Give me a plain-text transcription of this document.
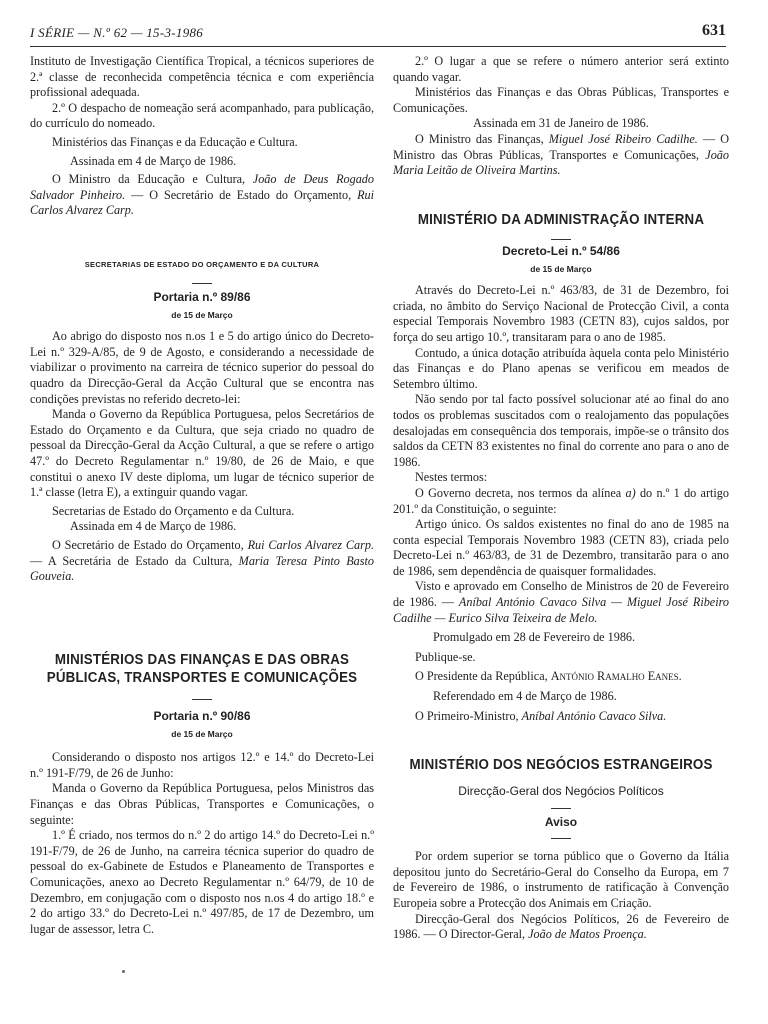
I SÉRIE — N.º 62 — 15-3-1986	631

Instituto de Investigação Científica Tropical, a técnicos superiores de 2.ª classe de reconhecida competência técnica e com experiência profissional adequada.

2.º O despacho de nomeação será acompanhado, para publicação, do currículo do nomeado.

Ministérios das Finanças e da Educação e Cultura.

Assinada em 4 de Março de 1986.

O Ministro da Educação e Cultura, João de Deus Rogado Salvador Pinheiro. — O Secretário de Estado do Orçamento, Rui Carlos Alvarez Carp.

SECRETARIAS DE ESTADO DO ORÇAMENTO E DA CULTURA
Portaria n.º 89/86
de 15 de Março

Ao abrigo do disposto nos n.os 1 e 5 do artigo único do Decreto-Lei n.º 329-A/85, de 9 de Agosto, e considerando a necessidade de viabilizar o provimento na carreira de técnico superior do pessoal do quadro da Direcção-Geral da Acção Cultural que se encontra nas condições previstas no referido decreto-lei:

Manda o Governo da República Portuguesa, pelos Secretários de Estado do Orçamento e da Cultura, que seja criado no quadro de pessoal da Direcção-Geral da Acção Cultural, a que se refere o artigo 47.º do Decreto Regulamentar n.º 19/80, de 26 de Maio, e que constitui o anexo IV deste diploma, um lugar de técnico superior de 1.ª classe (letra E), a extinguir quando vagar.

Secretarias de Estado do Orçamento e da Cultura.

Assinada em 4 de Março de 1986.

O Secretário de Estado do Orçamento, Rui Carlos Alvarez Carp. — A Secretária de Estado da Cultura, Maria Teresa Pinto Basto Gouveia.

MINISTÉRIOS DAS FINANÇAS E DAS OBRAS PÚBLICAS, TRANSPORTES E COMUNICAÇÕES
Portaria n.º 90/86
de 15 de Março

Considerando o disposto nos artigos 12.º e 14.º do Decreto-Lei n.º 191-F/79, de 26 de Junho:

Manda o Governo da República Portuguesa, pelos Ministros das Finanças e das Obras Públicas, Transportes e Comunicações, o seguinte:

1.º É criado, nos termos do n.º 2 do artigo 14.º do Decreto-Lei n.º 191-F/79, de 26 de Junho, na carreira técnica superior do quadro de pessoal do ex-Gabinete de Estudos e Planeamento de Transportes e Comunicações, anexo ao Decreto Regulamentar n.º 64/79, de 10 de Dezembro, em conjugação com o disposto nos n.os 4 do artigo 18.º e 2 do artigo 33.º do Decreto-Lei n.º 497/85, de 17 de Dezembro, um lugar de assessor, letra C.

2.º O lugar a que se refere o número anterior será extinto quando vagar.

Ministérios das Finanças e das Obras Públicas, Transportes e Comunicações.

Assinada em 31 de Janeiro de 1986.

O Ministro das Finanças, Miguel José Ribeiro Cadilhe. — O Ministro das Obras Públicas, Transportes e Comunicações, João Maria Leitão de Oliveira Martins.

MINISTÉRIO DA ADMINISTRAÇÃO INTERNA
Decreto-Lei n.º 54/86
de 15 de Março

Através do Decreto-Lei n.º 463/83, de 31 de Dezembro, foi criada, no âmbito do Serviço Nacional de Protecção Civil, a conta especial Temporais Novembro 1983 (CETN 83), cujos saldos, por força do seu artigo 10.º, transitaram para o ano de 1985.

Contudo, a única dotação atribuída àquela conta pelo Ministério das Finanças e do Plano apenas se verificou em meados de Setembro último.

Não sendo por tal facto possível solucionar até ao final do ano todos os problemas suscitados com o realojamento das populações desalojadas em consequência dos temporais, impõe-se o trânsito dos saldos da CETN 83 existentes no final do corrente ano para o ano de 1986.

Nestes termos:

O Governo decreta, nos termos da alínea a) do n.º 1 do artigo 201.º da Constituição, o seguinte:

Artigo único. Os saldos existentes no final do ano de 1985 na conta especial Temporais Novembro 1983 (CETN 83), criada pelo Decreto-Lei n.º 463/83, de 31 de Dezembro, transitarão para o ano de 1986, sem dependência de quaisquer formalidades.

Visto e aprovado em Conselho de Ministros de 20 de Fevereiro de 1986. — Aníbal António Cavaco Silva — Miguel José Ribeiro Cadilhe — Eurico Silva Teixeira de Melo.

Promulgado em 28 de Fevereiro de 1986.

Publique-se.

O Presidente da República, António Ramalho Eanes.

Referendado em 4 de Março de 1986.

O Primeiro-Ministro, Aníbal António Cavaco Silva.

MINISTÉRIO DOS NEGÓCIOS ESTRANGEIROS
Direcção-Geral dos Negócios Políticos
Aviso

Por ordem superior se torna público que o Governo da Itália depositou junto do Secretário-Geral do Conselho da Europa, em 7 de Fevereiro de 1986, o instrumento de ratificação à Convenção Europeia sobre a Protecção dos Animais em Criação.

Direcção-Geral dos Negócios Políticos, 26 de Fevereiro de 1986. — O Director-Geral, João de Matos Proença.
